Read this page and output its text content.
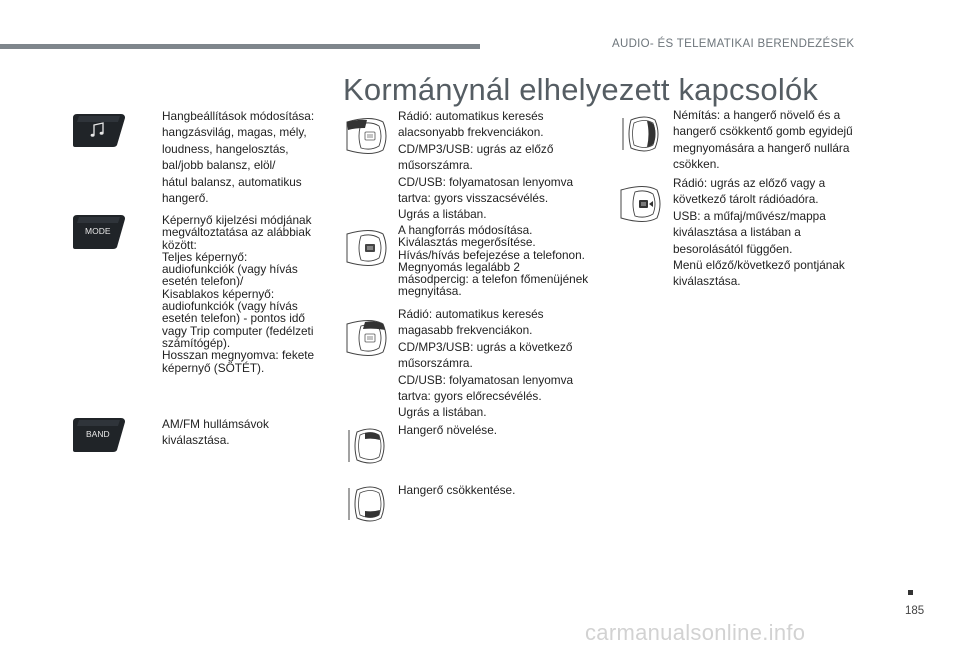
AUDIO- ÉS TELEMATIKAI BERENDEZÉSEK
Kormánynál elhelyezett kapcsolók
Hangbeállítások módosítása:
hangzásvilág, magas, mély,
loudness, hangelosztás,
bal/jobb balansz, elöl/
hátul balansz, automatikus
hangerő.
MODE
Képernyő kijelzési módjának
megváltoztatása az alábbiak
között:
Teljes képernyő:
audiofunkciók (vagy hívás
esetén telefon)/
Kisablakos képernyő:
audiofunkciók (vagy hívás
esetén telefon) - pontos idő
vagy Trip computer (fedélzeti
számítógép).
Hosszan megnyomva: fekete
képernyő (SÖTÉT).
BAND
AM/FM hullámsávok
kiválasztása.
Rádió: automatikus keresés
alacsonyabb frekvenciákon.
CD/MP3/USB: ugrás az előző
műsorszámra.
CD/USB: folyamatosan lenyomva
tartva: gyors visszacsévélés.
Ugrás a listában.
A hangforrás módosítása.
Kiválasztás megerősítése.
Hívás/hívás befejezése a telefonon.
Megnyomás legalább 2
másodpercig: a telefon főmenüjének
megnyitása.
Rádió: automatikus keresés
magasabb frekvenciákon.
CD/MP3/USB: ugrás a következő
műsorszámra.
CD/USB: folyamatosan lenyomva
tartva: gyors előrecsévélés.
Ugrás a listában.
Hangerő növelése.
Hangerő csökkentése.
Némítás: a hangerő növelő és a
hangerő csökkentő gomb egyidejű
megnyomására a hangerő nullára
csökken.
Rádió: ugrás az előző vagy a
következő tárolt rádióadóra.
USB: a műfaj/művész/mappa
kiválasztása a listában a
besorolásától függően.
Menü előző/következő pontjának
kiválasztása.
185
carmanualsonline.info
